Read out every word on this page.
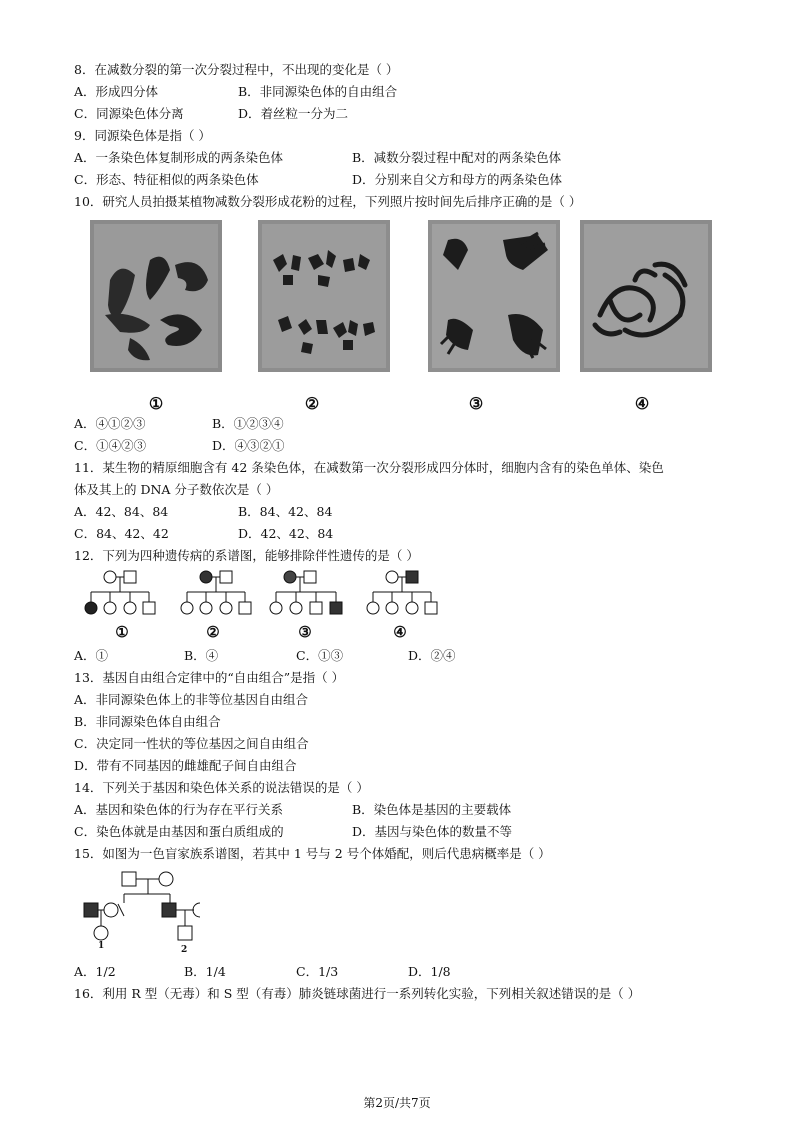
8．在减数分裂的第一次分裂过程中，不出现的变化是（ ）
A．形成四分体	B．非同源染色体的自由组合
C．同源染色体分离	D．着丝粒一分为二
9．同源染色体是指（ ）
A．一条染色体复制形成的两条染色体	B．减数分裂过程中配对的两条染色体
C．形态、特征相似的两条染色体	D．分别来自父方和母方的两条染色体
10．研究人员拍摄某植物减数分裂形成花粉的过程，下列照片按时间先后排序正确的是（ ）
①	②	③	④
A．④①②③	B．①②③④
C．①④②③	D．④③②①
11．某生物的精原细胞含有 42 条染色体，在减数第一次分裂形成四分体时，细胞内含有的染色单体、染色
体及其上的 DNA 分子数依次是（ ）
A．42、84、84	B．84、42、84
C．84、42、42	D．42、42、84
12．下列为四种遗传病的系谱图，能够排除伴性遗传的是（ ）
①	②	③	④
A．①	B．④	C．①③	D．②④
13．基因自由组合定律中的“自由组合”是指（ ）
A．非同源染色体上的非等位基因自由组合
B．非同源染色体自由组合
C．决定同一性状的等位基因之间自由组合
D．带有不同基因的雌雄配子间自由组合
14．下列关于基因和染色体关系的说法错误的是（ ）
A．基因和染色体的行为存在平行关系	B．染色体是基因的主要载体
C．染色体就是由基因和蛋白质组成的	D．基因与染色体的数量不等
15．如图为一色盲家族系谱图，若其中 1 号与 2 号个体婚配，则后代患病概率是（ ）
1	2
A．1/2	B．1/4	C．1/3	D．1/8
16．利用 R 型（无毒）和 S 型（有毒）肺炎链球菌进行一系列转化实验，下列相关叙述错误的是（ ）
第2页/共7页
